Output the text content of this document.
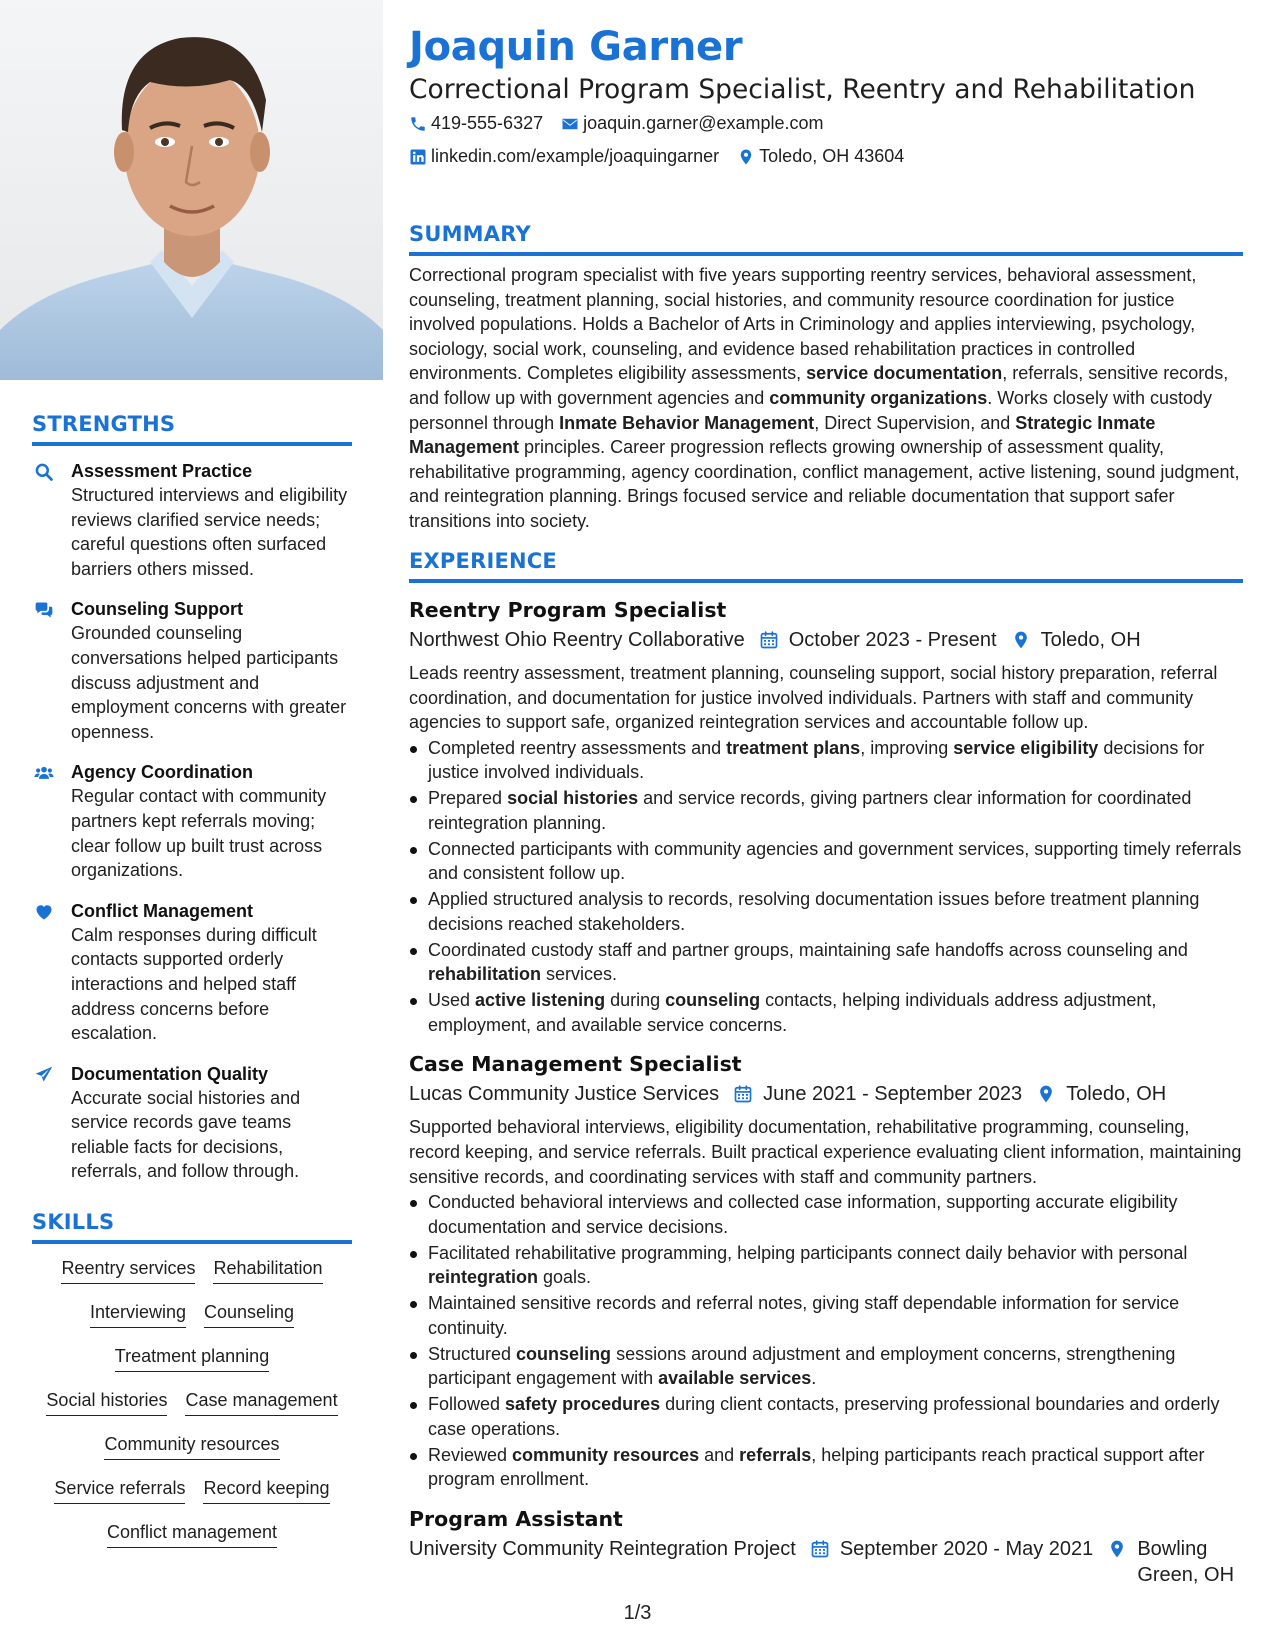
STRENGTHS
Assessment Practice

Structured interviews and eligibility reviews clarified service needs; careful questions often surfaced barriers others missed.

Counseling Support

Grounded counseling conversations helped participants discuss adjustment and employment concerns with greater openness.

Agency Coordination

Regular contact with community partners kept referrals moving; clear follow up built trust across organizations.

Conflict Management

Calm responses during difficult contacts supported orderly interactions and helped staff address concerns before escalation.

Documentation Quality

Accurate social histories and service records gave teams reliable facts for decisions, referrals, and follow through.

SKILLS
Reentry services Rehabilitation
Interviewing Counseling
Treatment planning
Social histories Case management
Community resources
Service referrals Record keeping
Conflict management
Joaquin Garner
Correctional Program Specialist, Reentry and Rehabilitation
419-555-6327 joaquin.garner@example.com
linkedin.com/example/joaquingarner Toledo, OH 43604
SUMMARY

Correctional program specialist with five years supporting reentry services, behavioral assessment, counseling, treatment planning, social histories, and community resource coordination for justice involved populations. Holds a Bachelor of Arts in Criminology and applies interviewing, psychology, sociology, social work, counseling, and evidence based rehabilitation practices in controlled environments. Completes eligibility assessments, service documentation, referrals, sensitive records, and follow up with government agencies and community organizations. Works closely with custody personnel through Inmate Behavior Management, Direct Supervision, and Strategic Inmate Management principles. Career progression reflects growing ownership of assessment quality, rehabilitative programming, agency coordination, conflict management, active listening, sound judgment, and reintegration planning. Brings focused service and reliable documentation that support safer transitions into society.

EXPERIENCE
Reentry Program Specialist
Northwest Ohio Reentry Collaborative October 2023 - Present Toledo, OH
Leads reentry assessment, treatment planning, counseling support, social history preparation, referral coordination, and documentation for justice involved individuals. Partners with staff and community agencies to support safe, organized reintegration services and accountable follow up.
Completed reentry assessments and treatment plans, improving service eligibility decisions for justice involved individuals.
Prepared social histories and service records, giving partners clear information for coordinated reintegration planning.
Connected participants with community agencies and government services, supporting timely referrals and consistent follow up.
Applied structured analysis to records, resolving documentation issues before treatment planning decisions reached stakeholders.
Coordinated custody staff and partner groups, maintaining safe handoffs across counseling and rehabilitation services.
Used active listening during counseling contacts, helping individuals address adjustment, employment, and available service concerns.
Case Management Specialist
Lucas Community Justice Services June 2021 - September 2023 Toledo, OH
Supported behavioral interviews, eligibility documentation, rehabilitative programming, counseling, record keeping, and service referrals. Built practical experience evaluating client information, maintaining sensitive records, and coordinating services with staff and community partners.
Conducted behavioral interviews and collected case information, supporting accurate eligibility documentation and service decisions.
Facilitated rehabilitative programming, helping participants connect daily behavior with personal reintegration goals.
Maintained sensitive records and referral notes, giving staff dependable information for service continuity.
Structured counseling sessions around adjustment and employment concerns, strengthening participant engagement with available services.
Followed safety procedures during client contacts, preserving professional boundaries and orderly case operations.
Reviewed community resources and referrals, helping participants reach practical support after program enrollment.
Program Assistant
University Community Reintegration Project September 2020 - May 2021 Bowling Green, OH
1/3
